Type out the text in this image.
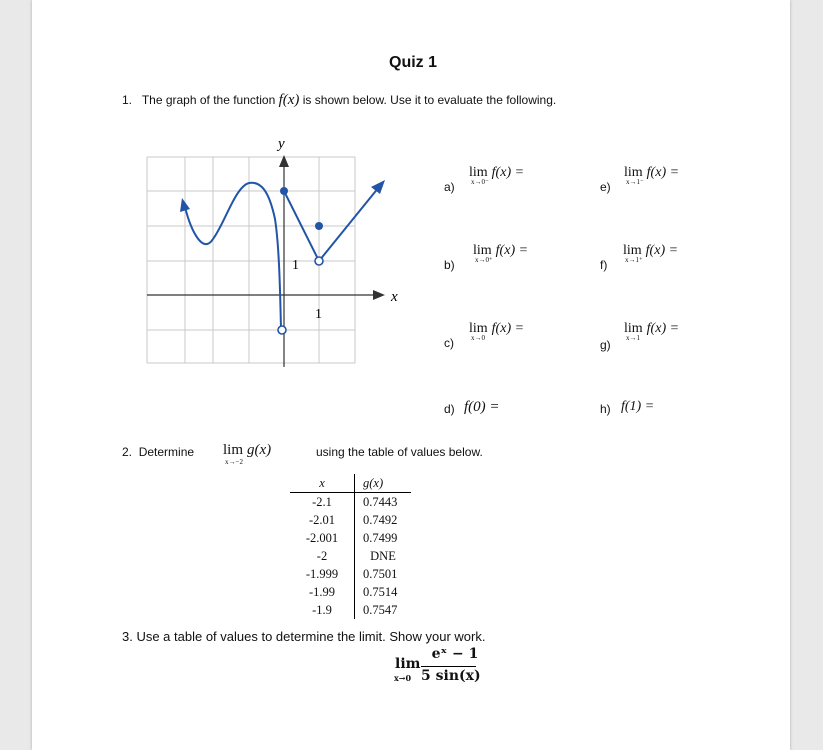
Quiz 1
1. The graph of the function f(x) is shown below. Use it to evaluate the following.
y
x
1
1
a)
lim f(x) =
x→0⁻
b)
lim f(x) =
x→0⁺
c)
lim f(x) =
x→0
d) f(0) =
e)
lim f(x) =
x→1⁻
f)
lim f(x) =
x→1⁺
g)
lim f(x) =
x→1
h) f(1) =
2. Determine lim g(x)
x→−2
using the table of values below.
x	g(x)
-2.1	0.7443
-2.01	0.7492
-2.001	0.7499
-2	DNE
-1.999	0.7501
-1.99	0.7514
-1.9	0.7547
3. Use a table of values to determine the limit. Show your work.
lim
x→0
eˣ − 1
5 sin(x)
